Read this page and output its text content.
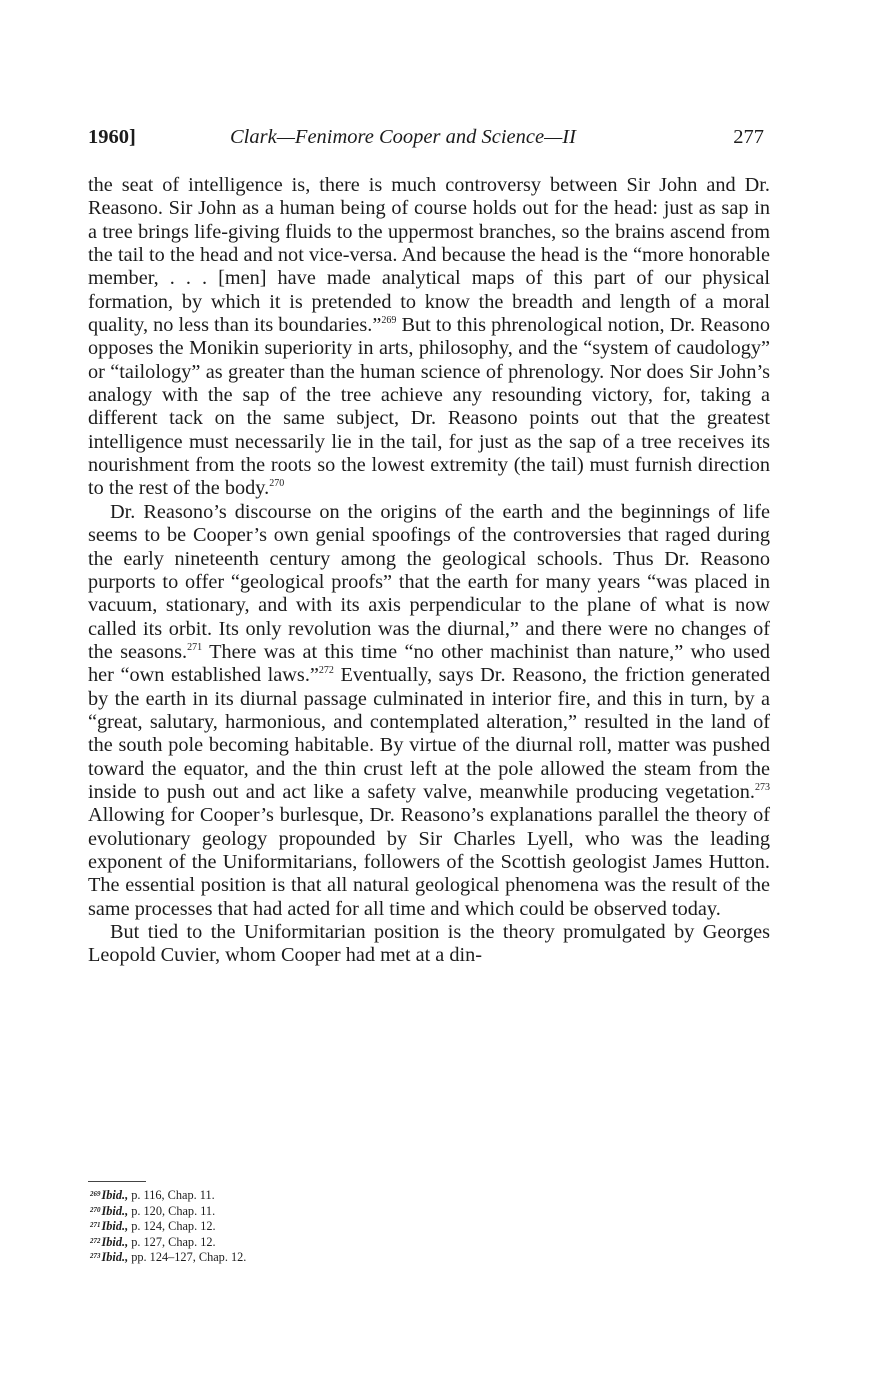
1960]	Clark—Fenimore Cooper and Science—II	277

the seat of intelligence is, there is much controversy between Sir John and Dr. Reasono. Sir John as a human being of course holds out for the head: just as sap in a tree brings life-giving fluids to the uppermost branches, so the brains ascend from the tail to the head and not vice-versa. And because the head is the “more honorable member, . . . [men] have made analytical maps of this part of our physical formation, by which it is pretended to know the breadth and length of a moral quality, no less than its boundaries.”$^{269}$ But to this phrenological notion, Dr. Reasono opposes the Monikin superiority in arts, philosophy, and the “system of caudology” or “tailology” as greater than the human science of phrenology. Nor does Sir John’s analogy with the sap of the tree achieve any resounding victory, for, taking a different tack on the same subject, Dr. Reasono points out that the greatest intelligence must necessarily lie in the tail, for just as the sap of a tree receives its nourishment from the roots so the lowest extremity (the tail) must furnish direction to the rest of the body.$^{270}$

Dr. Reasono’s discourse on the origins of the earth and the beginnings of life seems to be Cooper’s own genial spoofings of the controversies that raged during the early nineteenth century among the geological schools. Thus Dr. Reasono purports to offer “geological proofs” that the earth for many years “was placed in vacuum, stationary, and with its axis perpendicular to the plane of what is now called its orbit. Its only revolution was the diurnal,” and there were no changes of the seasons.$^{271}$ There was at this time “no other machinist than nature,” who used her “own established laws.”$^{272}$ Eventually, says Dr. Reasono, the friction generated by the earth in its diurnal passage culminated in interior fire, and this in turn, by a “great, salutary, harmonious, and contemplated alteration,” resulted in the land of the south pole becoming habitable. By virtue of the diurnal roll, matter was pushed toward the equator, and the thin crust left at the pole allowed the steam from the inside to push out and act like a safety valve, meanwhile producing vegetation.$^{273}$ Allowing for Cooper’s burlesque, Dr. Reasono’s explanations parallel the theory of evolutionary geology propounded by Sir Charles Lyell, who was the leading exponent of the Uniformitarians, followers of the Scottish geologist James Hutton. The essential position is that all natural geological phenomena was the result of the same processes that had acted for all time and which could be observed today.

But tied to the Uniformitarian position is the theory promulgated by Georges Leopold Cuvier, whom Cooper had met at a din-

$^{269}$Ibid., p. 116, Chap. 11.
$^{270}$Ibid., p. 120, Chap. 11.
$^{271}$Ibid., p. 124, Chap. 12.
$^{272}$Ibid., p. 127, Chap. 12.
$^{273}$Ibid., pp. 124–127, Chap. 12.
